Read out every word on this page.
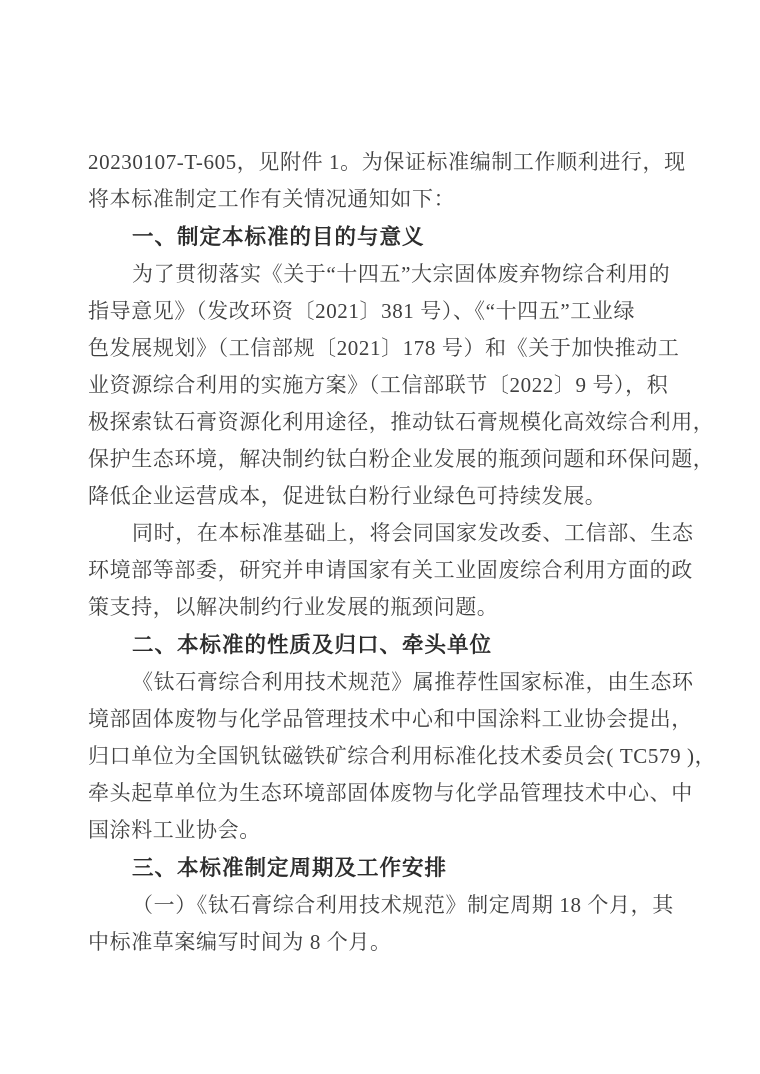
20230107-T-605，见附件 1。为保证标准编制工作顺利进行，现
将本标准制定工作有关情况通知如下：
一、制定本标准的目的与意义
为了贯彻落实《关于“十四五”大宗固体废弃物综合利用的
指导意见》（发改环资〔2021〕381 号）、《“十四五”工业绿
色发展规划》（工信部规〔2021〕178 号）和《关于加快推动工
业资源综合利用的实施方案》（工信部联节〔2022〕9 号），积
极探索钛石膏资源化利用途径，推动钛石膏规模化高效综合利用，
保护生态环境，解决制约钛白粉企业发展的瓶颈问题和环保问题，
降低企业运营成本，促进钛白粉行业绿色可持续发展。
同时，在本标准基础上，将会同国家发改委、工信部、生态
环境部等部委，研究并申请国家有关工业固废综合利用方面的政
策支持，以解决制约行业发展的瓶颈问题。
二、本标准的性质及归口、牵头单位
《钛石膏综合利用技术规范》属推荐性国家标准，由生态环
境部固体废物与化学品管理技术中心和中国涂料工业协会提出，
归口单位为全国钒钛磁铁矿综合利用标准化技术委员会( TC579 )，
牵头起草单位为生态环境部固体废物与化学品管理技术中心、中
国涂料工业协会。
三、本标准制定周期及工作安排
（一）《钛石膏综合利用技术规范》制定周期 18 个月，其
中标准草案编写时间为 8 个月。
